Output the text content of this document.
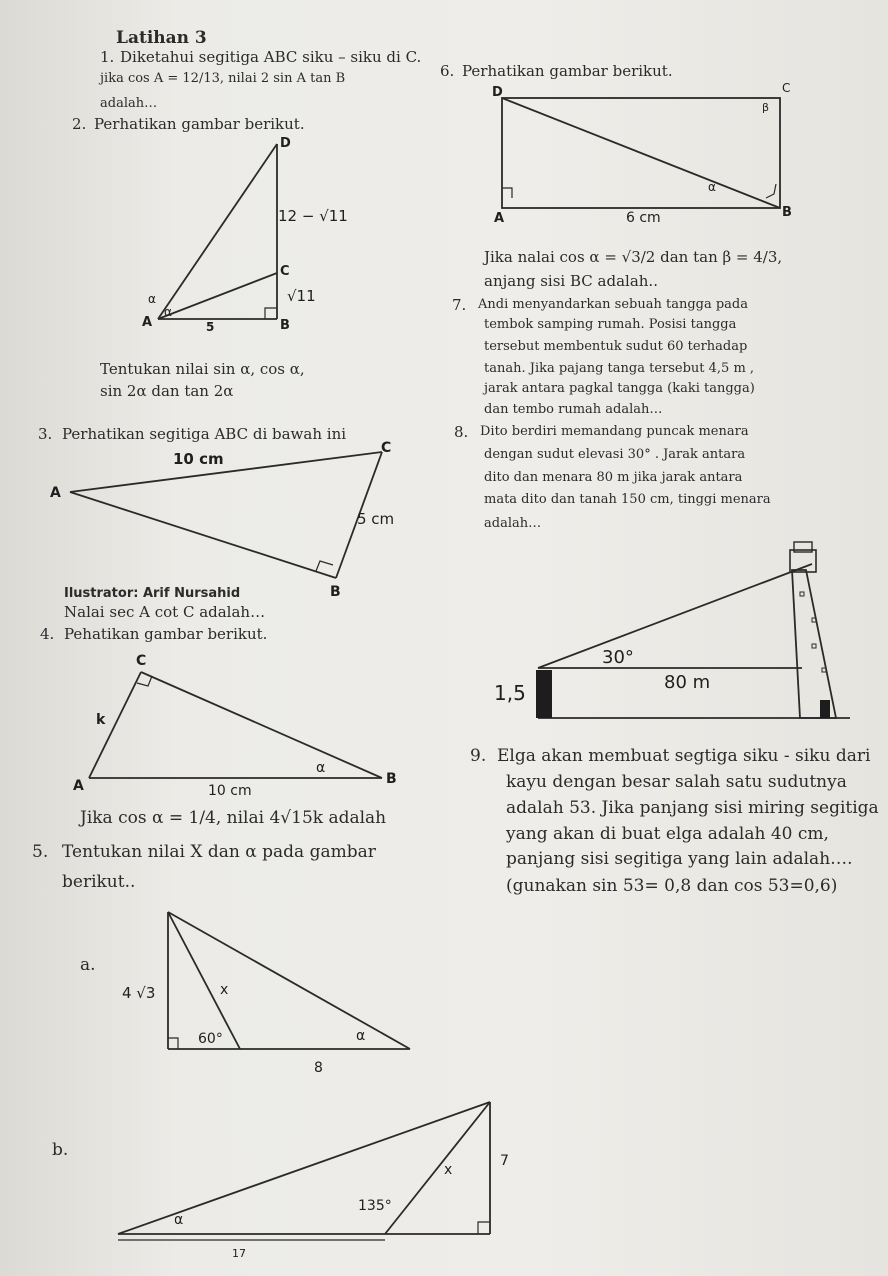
Latihan 3
1. Diketahui segitiga ABC siku – siku di C.
jika cos A = 12/13, nilai 2 sin A tan B
adalah…
2. Perhatikan gambar berikut.
D
C
A	B
12 − √11
√11
5
α
α
Tentukan nilai sin α, cos α,
sin 2α dan tan 2α
3. Perhatikan segitiga ABC di bawah ini
10 cm
5 cm
A
C
B
Ilustrator: Arif Nursahid
Nalai sec A cot C adalah…
4. Pehatikan gambar berikut.
C
k
A	B
10 cm
α
Jika cos α = 1/4, nilai 4√15k adalah
5. Tentukan nilai X dan α pada gambar
berikut..
a.
4 √3	x
60°	α
8
b.
7
x
135°
α
17
6. Perhatikan gambar berikut.
D	C
A	B
α
β
6 cm
Jika nalai cos α = √3/2 dan tan β = 4/3,
anjang sisi BC adalah..
7. Andi menyandarkan sebuah tangga pada
tembok samping rumah. Posisi tangga
tersebut membentuk sudut 60 terhadap
tanah. Jika pajang tanga tersebut 4,5 m ,
jarak antara pagkal tangga (kaki tangga)
dan tembo rumah adalah…
8. Dito berdiri memandang puncak menara
dengan sudut elevasi 30° . Jarak antara
dito dan menara 80 m jika jarak antara
mata dito dan tanah 150 cm, tinggi menara
adalah…
30°
80 m
1,5
9. Elga akan membuat segtiga siku - siku dari
kayu dengan besar salah satu sudutnya
adalah 53. Jika panjang sisi miring segitiga
yang akan di buat elga adalah 40 cm,
panjang sisi segitiga yang lain adalah….
(gunakan sin 53= 0,8 dan cos 53=0,6)
